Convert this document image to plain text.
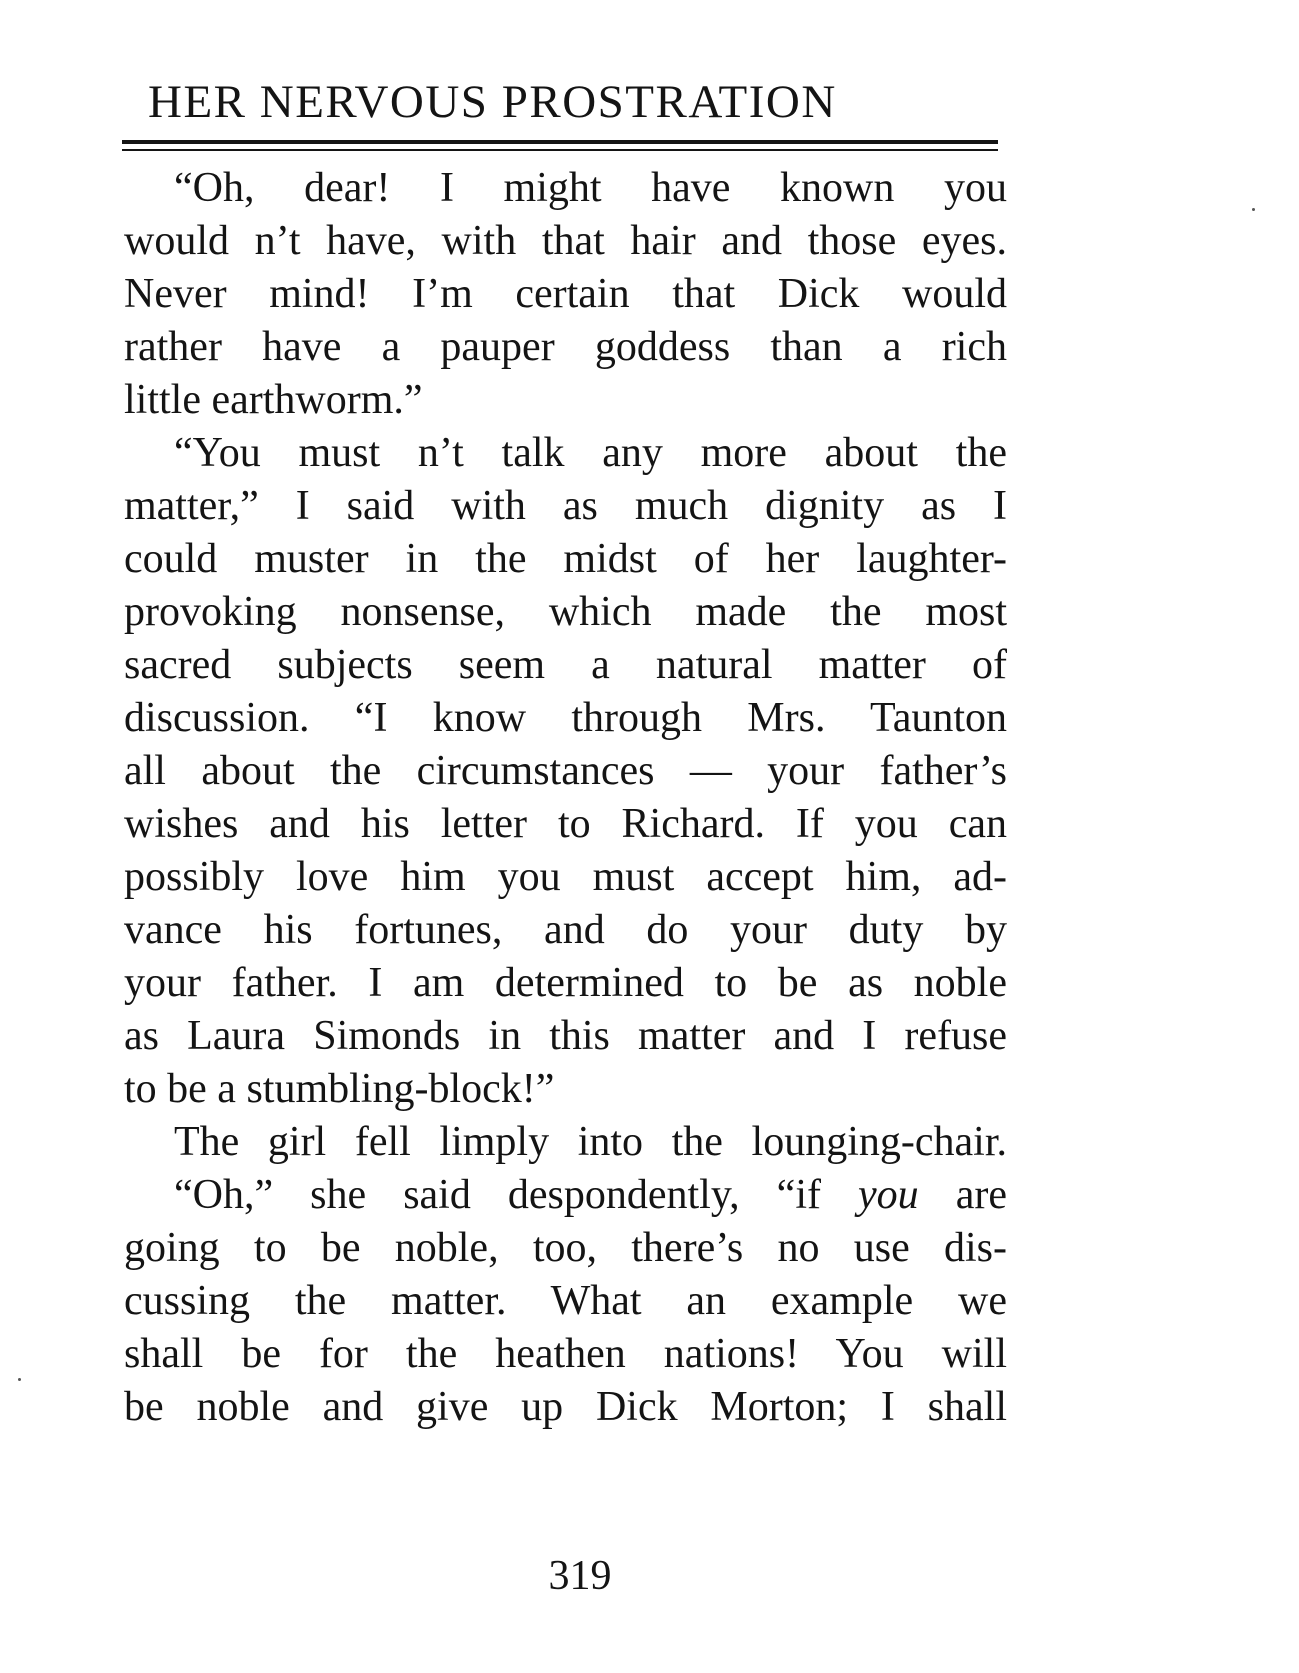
HER NERVOUS PROSTRATION
“Oh, dear! I might have known you
would n’t have, with that hair and those eyes.
Never mind! I’m certain that Dick would
rather have a pauper goddess than a rich
little earthworm.”
“You must n’t talk any more about the
matter,” I said with as much dignity as I
could muster in the midst of her laughter-
provoking nonsense, which made the most
sacred subjects seem a natural matter of
discussion. “I know through Mrs. Taunton
all about the circumstances — your father’s
wishes and his letter to Richard. If you can
possibly love him you must accept him, ad-
vance his fortunes, and do your duty by
your father. I am determined to be as noble
as Laura Simonds in this matter and I refuse
to be a stumbling-block!”
The girl fell limply into the lounging-chair.
“Oh,” she said despondently, “if you are
going to be noble, too, there’s no use dis-
cussing the matter. What an example we
shall be for the heathen nations! You will
be noble and give up Dick Morton; I shall
319
